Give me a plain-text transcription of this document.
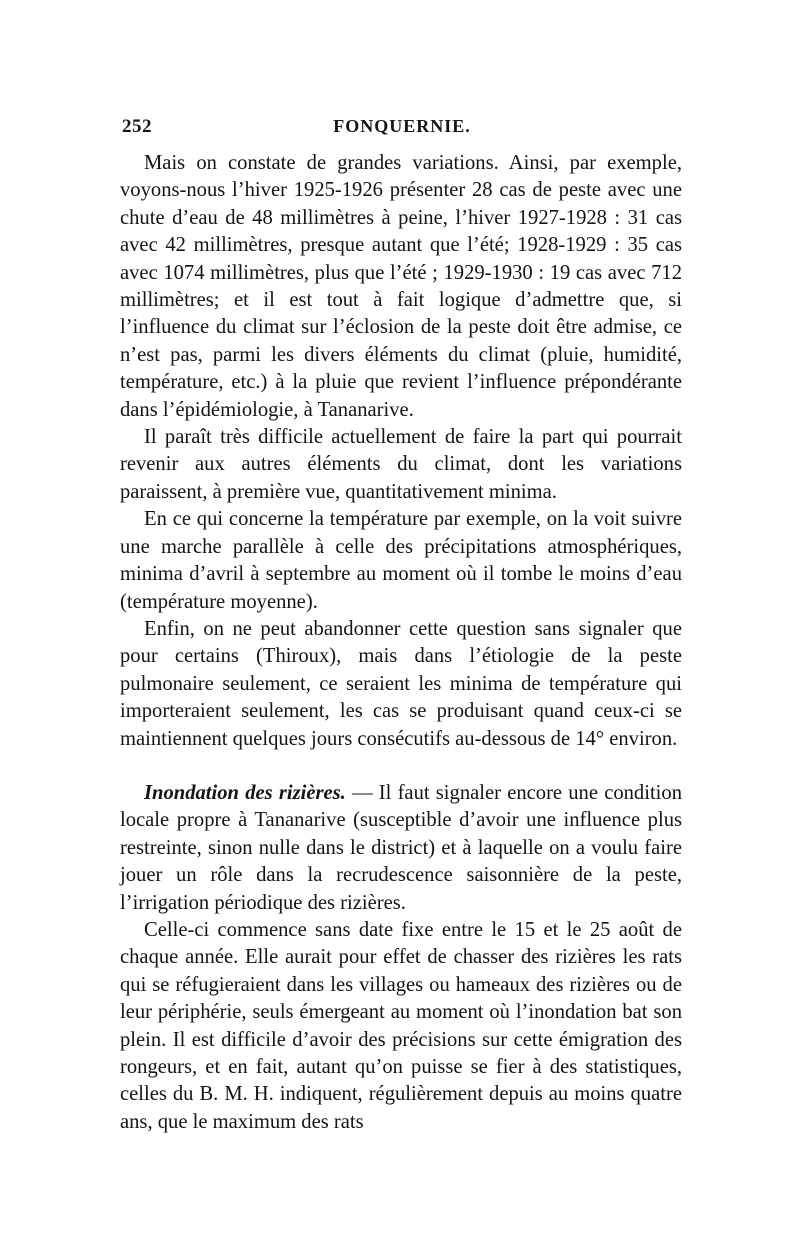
252	FONQUERNIE.

Mais on constate de grandes variations. Ainsi, par exemple, voyons-nous l’hiver 1925-1926 présenter 28 cas de peste avec une chute d’eau de 48 millimètres à peine, l’hiver 1927-1928 : 31 cas avec 42 millimètres, presque autant que l’été; 1928-1929 : 35 cas avec 1074 millimètres, plus que l’été ; 1929-1930 : 19 cas avec 712 millimètres; et il est tout à fait logique d’admettre que, si l’influence du climat sur l’éclosion de la peste doit être admise, ce n’est pas, parmi les divers éléments du climat (pluie, humidité, température, etc.) à la pluie que revient l’influence prépondérante dans l’épidémiologie, à Tananarive.

Il paraît très difficile actuellement de faire la part qui pourrait revenir aux autres éléments du climat, dont les variations paraissent, à première vue, quantitativement minima.

En ce qui concerne la température par exemple, on la voit suivre une marche parallèle à celle des précipitations atmosphériques, minima d’avril à septembre au moment où il tombe le moins d’eau (température moyenne).

Enfin, on ne peut abandonner cette question sans signaler que pour certains (Thiroux), mais dans l’étiologie de la peste pulmonaire seulement, ce seraient les minima de température qui importeraient seulement, les cas se produisant quand ceux-ci se maintiennent quelques jours consécutifs au-dessous de 14° environ.

Inondation des rizières. — Il faut signaler encore une condition locale propre à Tananarive (susceptible d’avoir une influence plus restreinte, sinon nulle dans le district) et à laquelle on a voulu faire jouer un rôle dans la recrudescence saisonnière de la peste, l’irrigation périodique des rizières.

Celle-ci commence sans date fixe entre le 15 et le 25 août de chaque année. Elle aurait pour effet de chasser des rizières les rats qui se réfugieraient dans les villages ou hameaux des rizières ou de leur périphérie, seuls émergeant au moment où l’inondation bat son plein. Il est difficile d’avoir des précisions sur cette émigration des rongeurs, et en fait, autant qu’on puisse se fier à des statistiques, celles du B. M. H. indiquent, régulièrement depuis au moins quatre ans, que le maximum des rats
